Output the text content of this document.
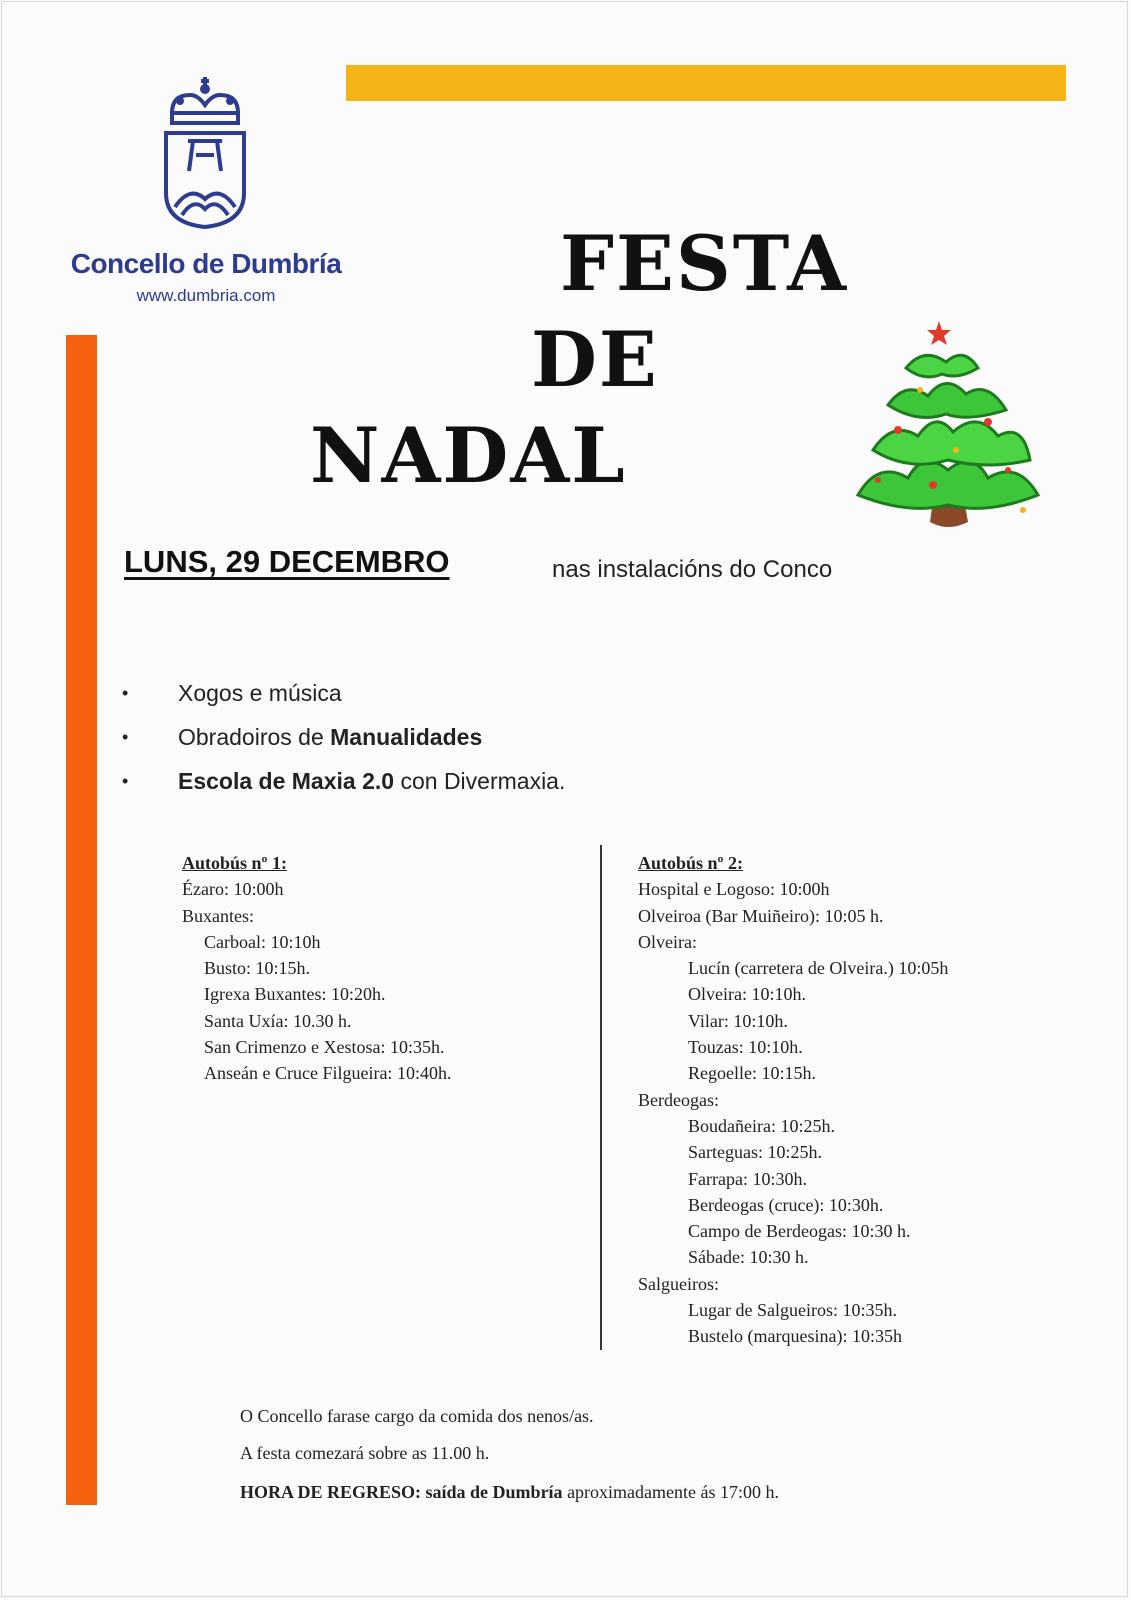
Concello de Dumbría
www.dumbria.com	FESTA
DE
NADAL
LUNS, 29 DECEMBRO	nas instalacións do Conco
• Xogos e música
• Obradoiros de Manualidades
• Escola de Maxia 2.0 con Divermaxia.
Autobús nº 1:
Ézaro: 10:00h
Buxantes:
Carboal: 10:10h
Busto: 10:15h.
Igrexa Buxantes: 10:20h.
Santa Uxía: 10.30 h.
San Crimenzo e Xestosa: 10:35h.
Anseán e Cruce Filgueira: 10:40h.
Autobús nº 2:
Hospital e Logoso: 10:00h
Olveiroa (Bar Muiñeiro): 10:05 h.
Olveira:
Lucín (carretera de Olveira.) 10:05h
Olveira: 10:10h.
Vilar: 10:10h.
Touzas: 10:10h.
Regoelle: 10:15h.
Berdeogas:
Boudañeira: 10:25h.
Sarteguas: 10:25h.
Farrapa: 10:30h.
Berdeogas (cruce): 10:30h.
Campo de Berdeogas: 10:30 h.
Sábade: 10:30 h.
Salgueiros:
Lugar de Salgueiros: 10:35h.
Bustelo (marquesina): 10:35h
O Concello farase cargo da comida dos nenos/as.
A festa comezará sobre as 11.00 h.
HORA DE REGRESO: saída de Dumbría aproximadamente ás 17:00 h.
